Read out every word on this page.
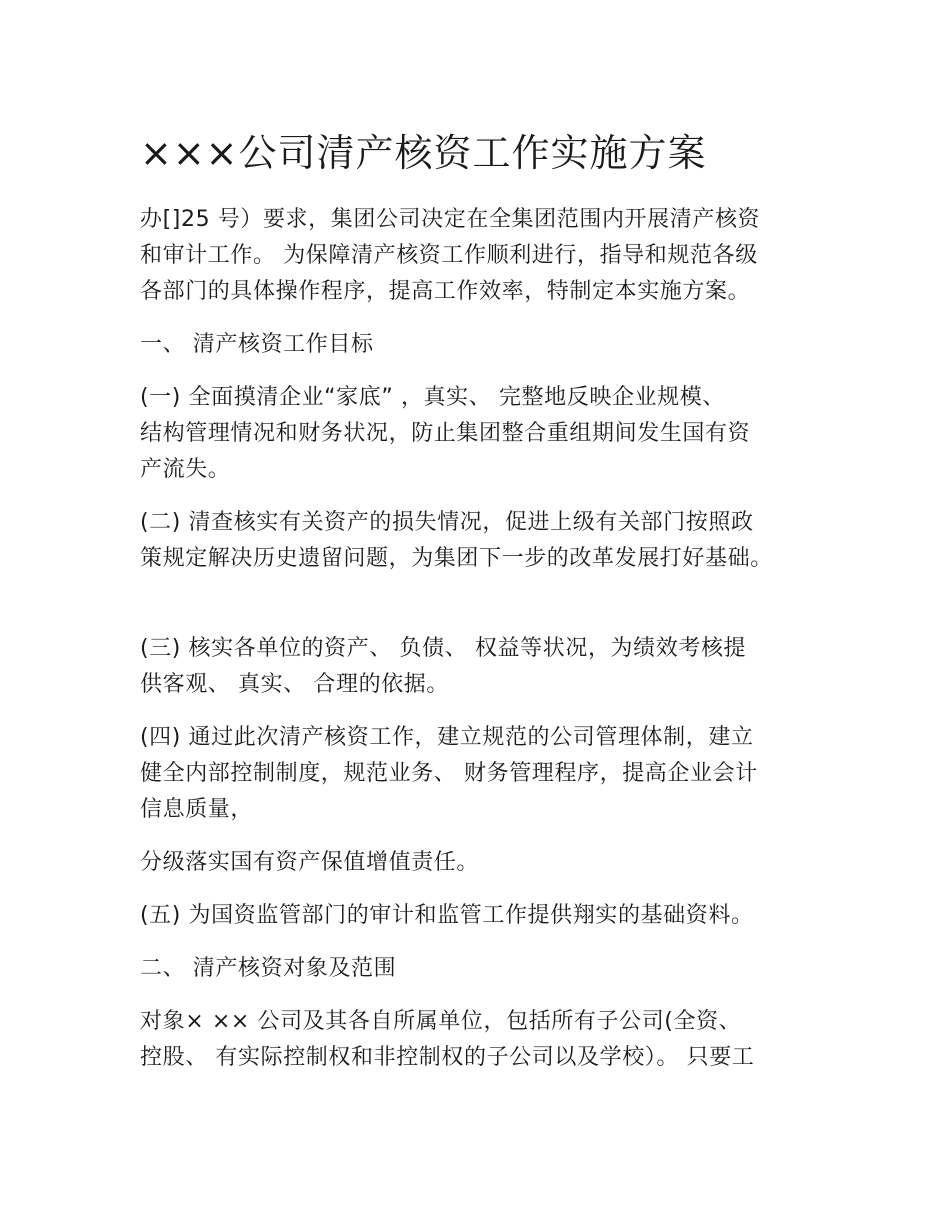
×××公司清产核资工作实施方案

办[]25 号）要求，集团公司决定在全集团范围内开展清产核资
和审计工作。 为保障清产核资工作顺利进行，指导和规范各级
各部门的具体操作程序，提高工作效率，特制定本实施方案。

一、 清产核资工作目标

(一) 全面摸清企业“家底” ，真实、 完整地反映企业规模、
结构管理情况和财务状况，防止集团整合重组期间发生国有资
产流失。

(二) 清查核实有关资产的损失情况，促进上级有关部门按照政
策规定解决历史遗留问题，为集团下一步的改革发展打好基础。

(三) 核实各单位的资产、 负债、 权益等状况，为绩效考核提
供客观、 真实、 合理的依据。

(四) 通过此次清产核资工作，建立规范的公司管理体制，建立
健全内部控制制度，规范业务、 财务管理程序，提高企业会计
信息质量，

分级落实国有资产保值增值责任。

(五) 为国资监管部门的审计和监管工作提供翔实的基础资料。

二、 清产核资对象及范围

对象× ×× 公司及其各自所属单位，包括所有子公司(全资、
控股、 有实际控制权和非控制权的子公司以及学校）。 只要工
